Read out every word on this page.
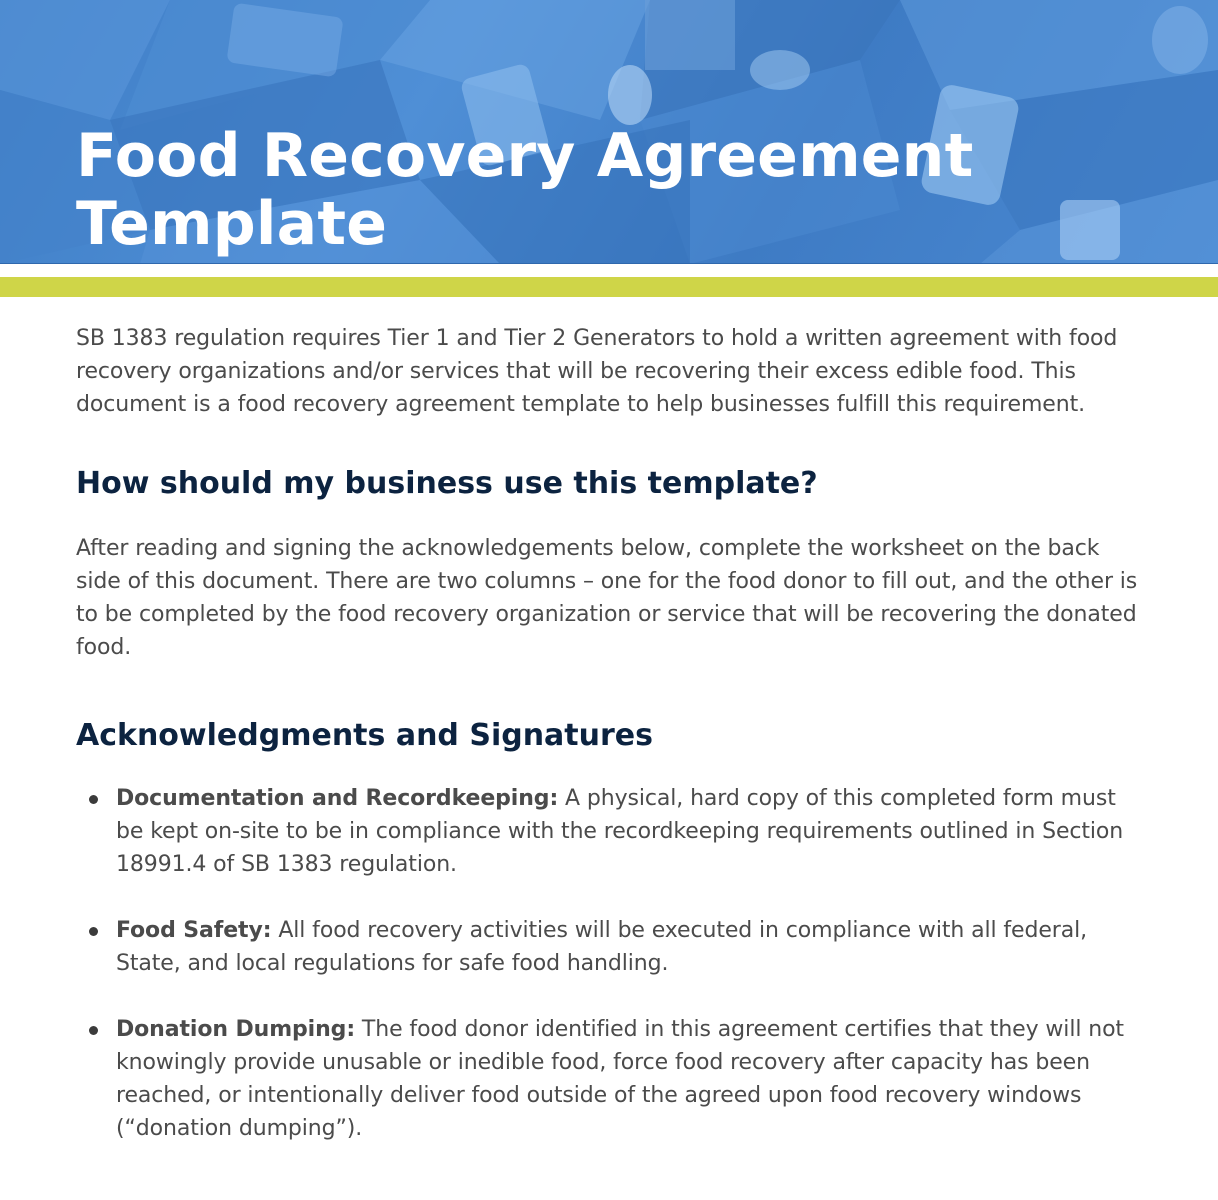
Food Recovery Agreement
Template

SB 1383 regulation requires Tier 1 and Tier 2 Generators to hold a written agreement with food recovery organizations and/or services that will be recovering their excess edible food. This document is a food recovery agreement template to help businesses fulfill this requirement.

How should my business use this template?

After reading and signing the acknowledgements below, complete the worksheet on the back side of this document. There are two columns – one for the food donor to fill out, and the other is to be completed by the food recovery organization or service that will be recovering the donated food.

Acknowledgments and Signatures

Documentation and Recordkeeping: A physical, hard copy of this completed form must be kept on-site to be in compliance with the recordkeeping requirements outlined in Section 18991.4 of SB 1383 regulation.

Food Safety: All food recovery activities will be executed in compliance with all federal, State, and local regulations for safe food handling.

Donation Dumping: The food donor identified in this agreement certifies that they will not knowingly provide unusable or inedible food, force food recovery after capacity has been reached, or intentionally deliver food outside of the agreed upon food recovery windows (“donation dumping”).
